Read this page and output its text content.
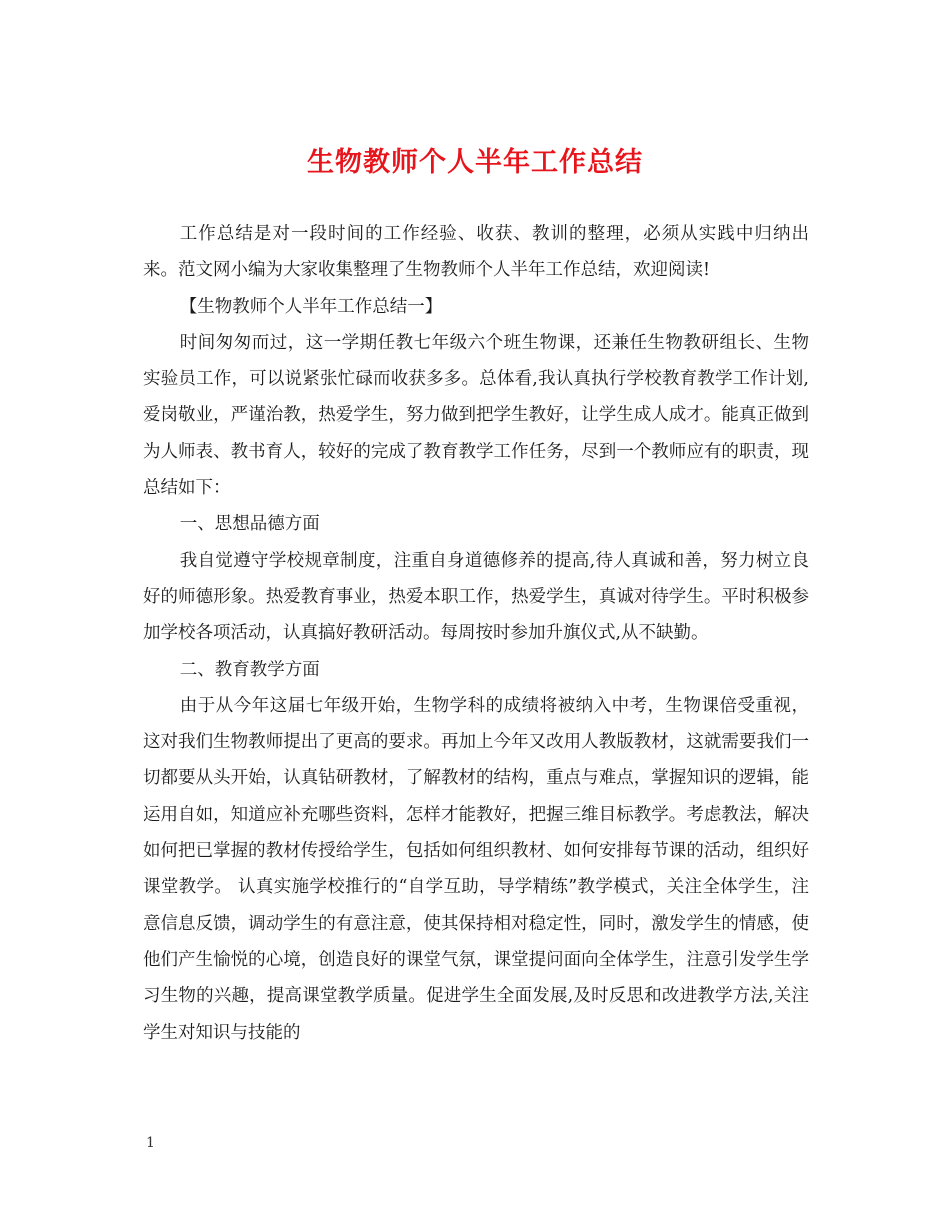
生物教师个人半年工作总结

工作总结是对一段时间的工作经验、收获、教训的整理，必须从实践中归纳出来。范文网小编为大家收集整理了生物教师个人半年工作总结，欢迎阅读!

【生物教师个人半年工作总结一】

时间匆匆而过，这一学期任教七年级六个班生物课，还兼任生物教研组长、生物实验员工作，可以说紧张忙碌而收获多多。总体看,我认真执行学校教育教学工作计划,爱岗敬业，严谨治教，热爱学生，努力做到把学生教好，让学生成人成才。能真正做到为人师表、教书育人，较好的完成了教育教学工作任务，尽到一个教师应有的职责，现总结如下：

一、思想品德方面

我自觉遵守学校规章制度，注重自身道德修养的提高,待人真诚和善，努力树立良好的师德形象。热爱教育事业，热爱本职工作，热爱学生，真诚对待学生。平时积极参加学校各项活动，认真搞好教研活动。每周按时参加升旗仪式,从不缺勤。

二、教育教学方面

由于从今年这届七年级开始，生物学科的成绩将被纳入中考，生物课倍受重视，这对我们生物教师提出了更高的要求。再加上今年又改用人教版教材，这就需要我们一切都要从头开始，认真钻研教材，了解教材的结构，重点与难点，掌握知识的逻辑，能运用自如，知道应补充哪些资料，怎样才能教好，把握三维目标教学。考虑教法，解决如何把已掌握的教材传授给学生，包括如何组织教材、如何安排每节课的活动，组织好课堂教学。 认真实施学校推行的“自学互助，导学精练”教学模式，关注全体学生，注意信息反馈，调动学生的有意注意，使其保持相对稳定性，同时，激发学生的情感，使他们产生愉悦的心境，创造良好的课堂气氛，课堂提问面向全体学生，注意引发学生学习生物的兴趣，提高课堂教学质量。促进学生全面发展,及时反思和改进教学方法,关注学生对知识与技能的

1
